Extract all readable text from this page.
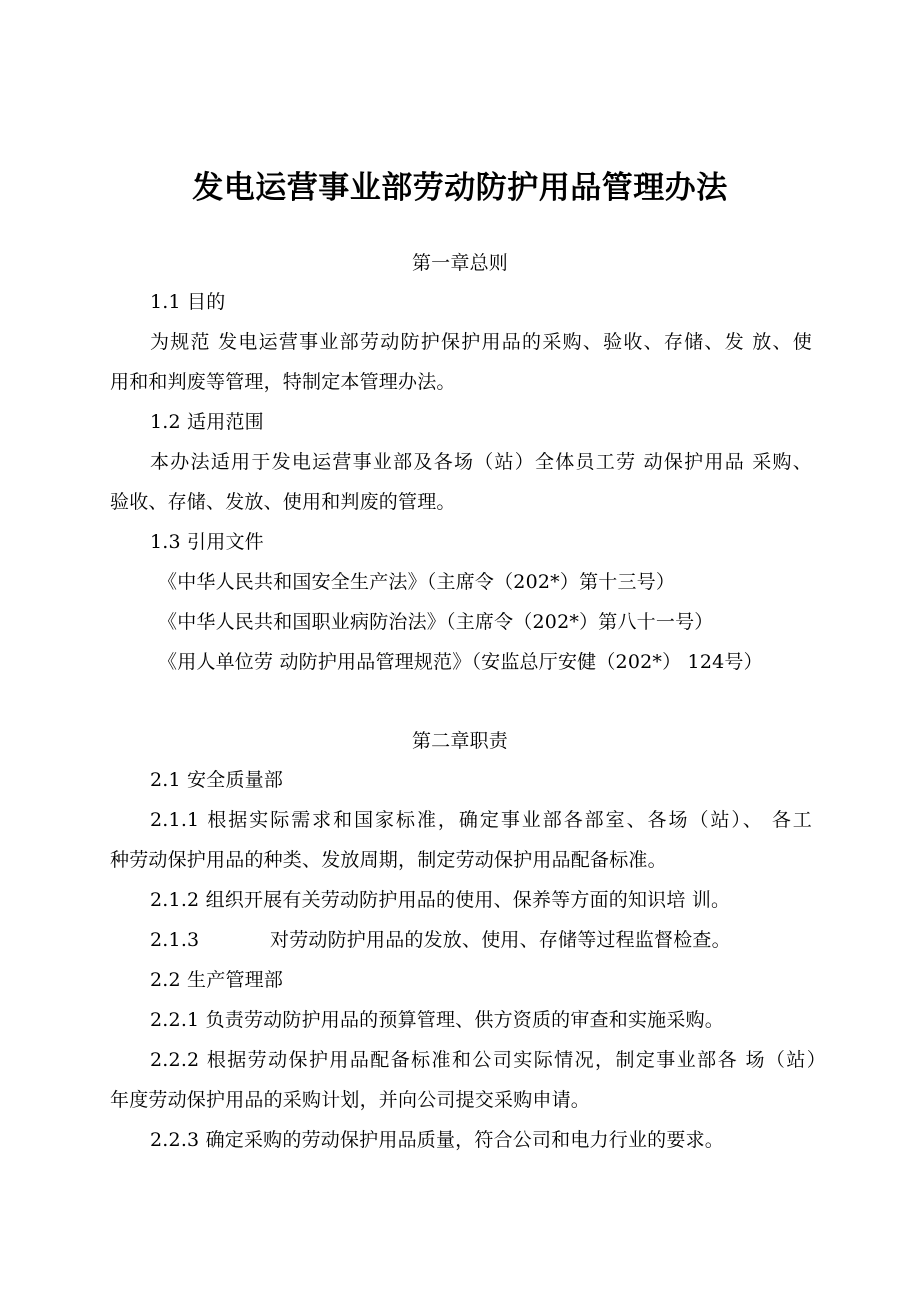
发电运营事业部劳动防护用品管理办法
第一章总则
1.1 目的
为规范 发电运营事业部劳动防护保护用品的采购、验收、存储、发 放、使
用和和判废等管理，特制定本管理办法。
1.2 适用范围
本办法适用于发电运营事业部及各场（站）全体员工劳 动保护用品 采购、
验收、存储、发放、使用和判废的管理。
1.3 引用文件
《中华人民共和国安全生产法》（主席令（202*）第十三号）
《中华人民共和国职业病防治法》（主席令（202*）第八十一号）
《用人单位劳 动防护用品管理规范》（安监总厅安健（202*） 124号）
第二章职责
2.1 安全质量部
2.1.1 根据实际需求和国家标准，确定事业部各部室、各场（站）、 各工
种劳动保护用品的种类、发放周期，制定劳动保护用品配备标准。
2.1.2 组织开展有关劳动防护用品的使用、保养等方面的知识培 训。
2.1.3	对劳动防护用品的发放、使用、存储等过程监督检查。
2.2 生产管理部
2.2.1 负责劳动防护用品的预算管理、供方资质的审查和实施采购。
2.2.2 根据劳动保护用品配备标准和公司实际情况，制定事业部各 场（站）
年度劳动保护用品的采购计划，并向公司提交采购申请。
2.2.3 确定采购的劳动保护用品质量，符合公司和电力行业的要求。
